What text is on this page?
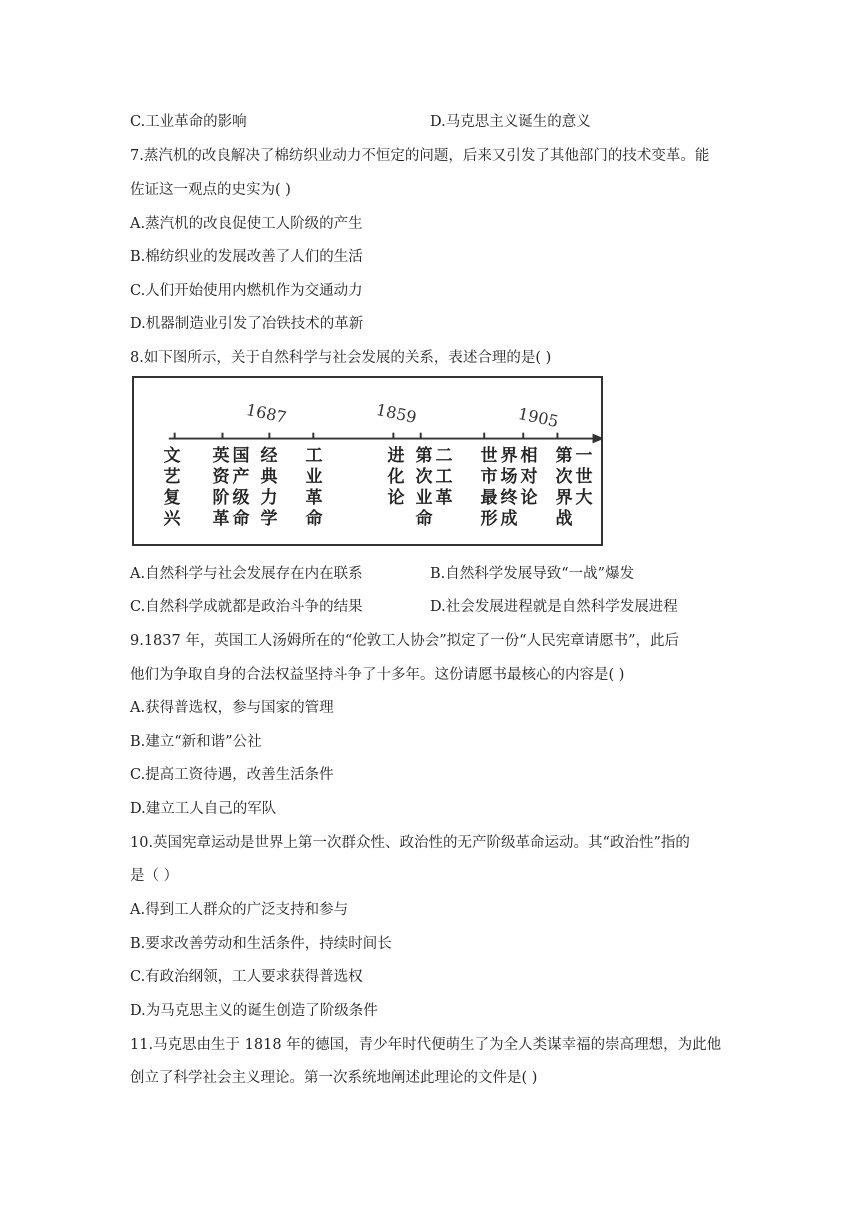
C.工业革命的影响	D.马克思主义诞生的意义
7.蒸汽机的改良解决了棉纺织业动力不恒定的问题，后来又引发了其他部门的技术变革。能
佐证这一观点的史实为( )
A.蒸汽机的改良促使工人阶级的产生
B.棉纺织业的发展改善了人们的生活
C.人们开始使用内燃机作为交通动力
D.机器制造业引发了冶铁技术的革新
8.如下图所示，关于自然科学与社会发展的关系，表述合理的是( )
1687	1859	1905
文
艺
复
兴
英
资
阶
革
国
产
级
命
经
典
力
学
工
业
革
命
进
化
论
第
次
业
命
二
工
革
世
市
最
形
界
场
终
成
相
对
论
第
次
界
战
一
世
大
A.自然科学与社会发展存在内在联系	B.自然科学发展导致“一战”爆发
C.自然科学成就都是政治斗争的结果	D.社会发展进程就是自然科学发展进程
9.1837 年，英国工人汤姆所在的“伦敦工人协会”拟定了一份“人民宪章请愿书”，此后
他们为争取自身的合法权益坚持斗争了十多年。这份请愿书最核心的内容是( )
A.获得普选权，参与国家的管理
B.建立“新和谐”公社
C.提高工资待遇，改善生活条件
D.建立工人自己的军队
10.英国宪章运动是世界上第一次群众性、政治性的无产阶级革命运动。其“政治性”指的
是（ ）
A.得到工人群众的广泛支持和参与
B.要求改善劳动和生活条件，持续时间长
C.有政治纲领，工人要求获得普选权
D.为马克思主义的诞生创造了阶级条件
11.马克思由生于 1818 年的德国，青少年时代便萌生了为全人类谋幸福的崇高理想，为此他
创立了科学社会主义理论。第一次系统地阐述此理论的文件是( )
